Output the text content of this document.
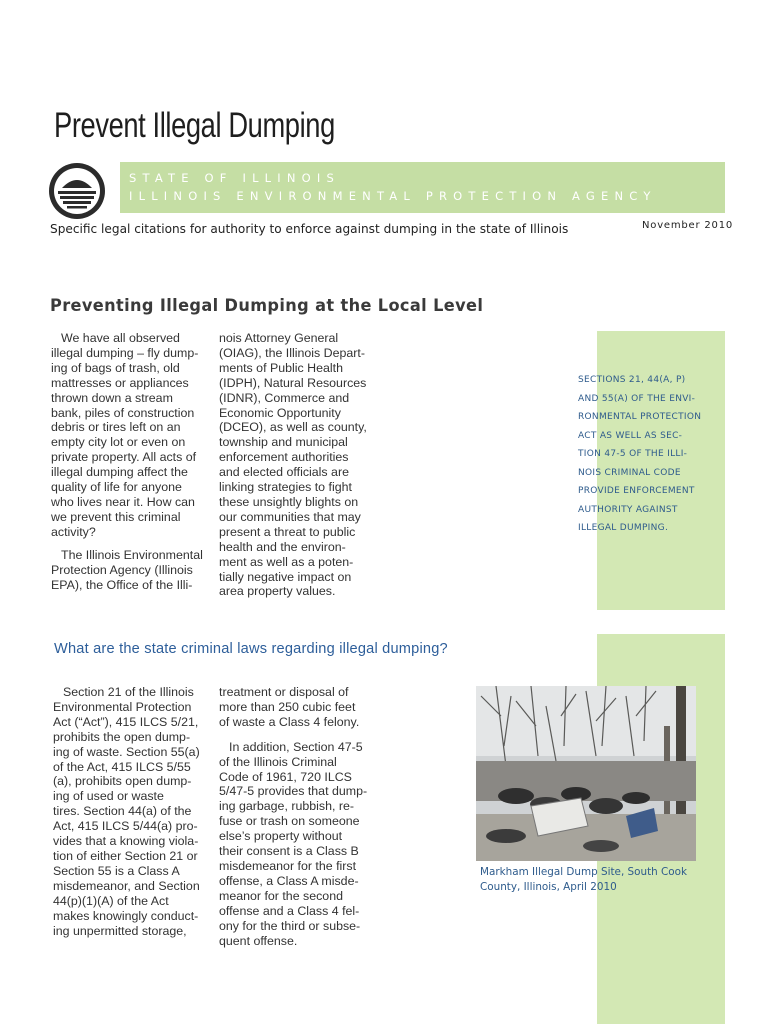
Prevent Illegal Dumping
STATE OF ILLINOIS
ILLINOIS ENVIRONMENTAL PROTECTION AGENCY
Specific legal citations for authority to enforce against dumping in the state of Illinois	November 2010
Preventing Illegal Dumping at the Local Level

We have all observed
illegal dumping – fly dump-
ing of bags of trash, old
mattresses or appliances
thrown down a stream
bank, piles of construction
debris or tires left on an
empty city lot or even on
private property. All acts of
illegal dumping affect the
quality of life for anyone
who lives near it. How can
we prevent this criminal
activity?

The Illinois Environmental
Protection Agency (Illinois
EPA), the Office of the Illi-

nois Attorney General
(OIAG), the Illinois Depart-
ments of Public Health
(IDPH), Natural Resources
(IDNR), Commerce and
Economic Opportunity
(DCEO), as well as county,
township and municipal
enforcement authorities
and elected officials are
linking strategies to fight
these unsightly blights on
our communities that may
present a threat to public
health and the environ-
ment as well as a poten-
tially negative impact on
area property values.

SECTIONS 21, 44(A, P)
AND 55(A) OF THE ENVI-
RONMENTAL PROTECTION
ACT AS WELL AS SEC-
TION 47-5 OF THE ILLI-
NOIS CRIMINAL CODE
PROVIDE ENFORCEMENT
AUTHORITY AGAINST
ILLEGAL DUMPING.
What are the state criminal laws regarding illegal dumping?

Section 21 of the Illinois
Environmental Protection
Act (“Act”), 415 ILCS 5/21,
prohibits the open dump-
ing of waste. Section 55(a)
of the Act, 415 ILCS 5/55
(a), prohibits open dump-
ing of used or waste
tires. Section 44(a) of the
Act, 415 ILCS 5/44(a) pro-
vides that a knowing viola-
tion of either Section 21 or
Section 55 is a Class A
misdemeanor, and Section
44(p)(1)(A) of the Act
makes knowingly conduct-
ing unpermitted storage,

treatment or disposal of
more than 250 cubic feet
of waste a Class 4 felony.

In addition, Section 47-5
of the Illinois Criminal
Code of 1961, 720 ILCS
5/47-5 provides that dump-
ing garbage, rubbish, re-
fuse or trash on someone
else’s property without
their consent is a Class B
misdemeanor for the first
offense, a Class A misde-
meanor for the second
offense and a Class 4 fel-
ony for the third or subse-
quent offense.

Markham Illegal Dump Site, South Cook
County, Illinois, April 2010
